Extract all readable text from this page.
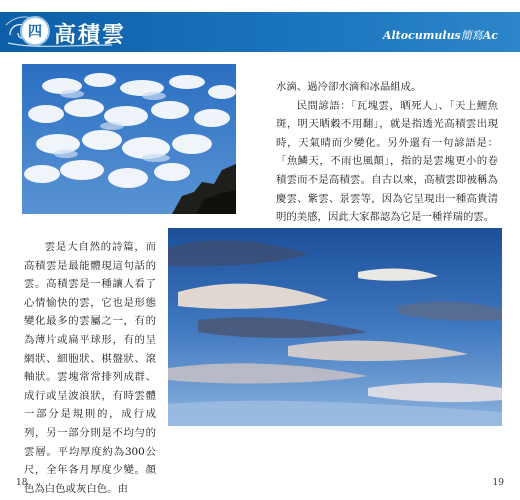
四 高積雲	Altocumulus簡寫Ac

水滴、過冷卻水滴和冰晶組成。

民間諺語：「瓦塊雲，晒死人」、「天上鯉魚斑，明天晒穀不用翻」，就是指透光高積雲出現時，天氣晴而少變化。另外還有一句諺語是：「魚鱗天，不雨也風顛」，指的是雲塊更小的卷積雲而不是高積雲。自古以來，高積雲即被稱為慶雲、紫雲、景雲等，因為它呈現出一種高貴清明的美感，因此大家都認為它是一種祥瑞的雲。

雲是大自然的詩篇，而高積雲是最能體現這句話的雲。高積雲是一種讓人看了心情愉快的雲，它也是形態變化最多的雲屬之一，有的為薄片或扁平球形，有的呈網狀、細胞狀、棋盤狀、滾軸狀。雲塊常常排列成群、成行或呈波浪狀，有時雲體一部分是規則的，成行成列，另一部分則是不均勻的雲層。平均厚度約為300公尺，全年各月厚度少變。顏色為白色或灰白色。由

18	19
